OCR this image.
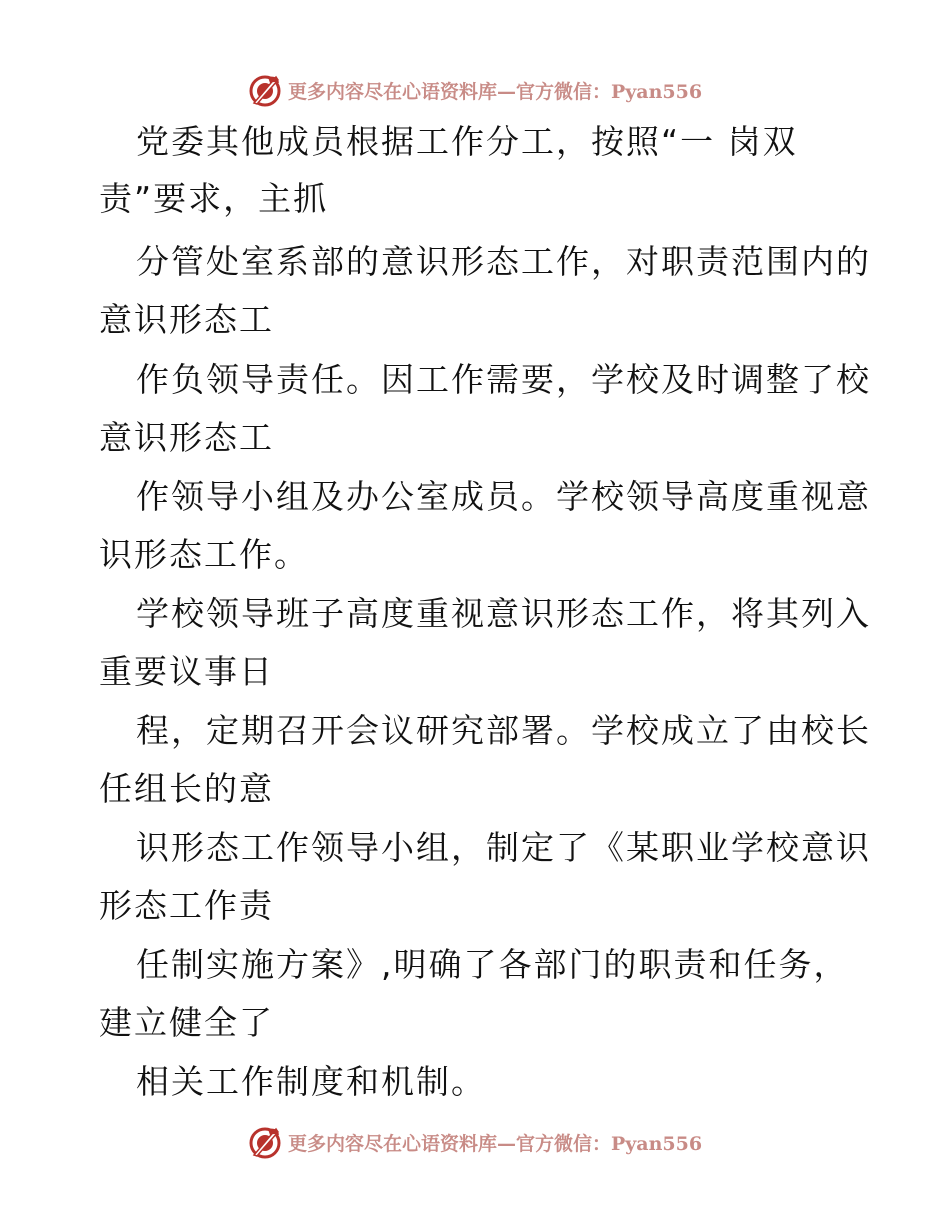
更多内容尽在心语资料库—官方微信：Pyan556
党委其他成员根据工作分工，按照“一 岗双
责”要求，主抓
分管处室系部的意识形态工作，对职责范围内的
意识形态工
作负领导责任。因工作需要，学校及时调整了校
意识形态工
作领导小组及办公室成员。学校领导高度重视意
识形态工作。
学校领导班子高度重视意识形态工作，将其列入
重要议事日
程，定期召开会议研究部署。学校成立了由校长
任组长的意
识形态工作领导小组，制定了《某职业学校意识
形态工作责
任制实施方案》,明确了各部门的职责和任务，
建立健全了
相关工作制度和机制。
更多内容尽在心语资料库—官方微信：Pyan556
